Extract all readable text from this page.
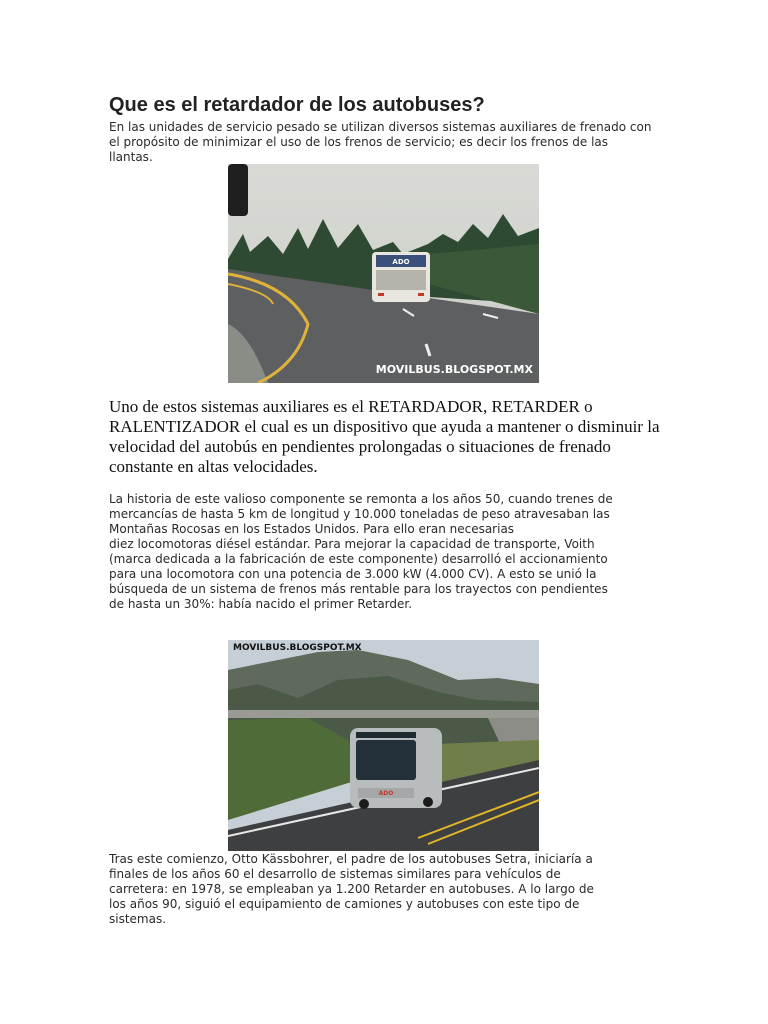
Que es el retardador de los autobuses?

En las unidades de servicio pesado se utilizan diversos sistemas auxiliares de frenado con el propósito de minimizar el uso de los frenos de servicio; es decir los frenos de las llantas.

ADO
MOVILBUS.BLOGSPOT.MX

Uno de estos sistemas auxiliares es el RETARDADOR, RETARDER o RALENTIZADOR el cual es un dispositivo que ayuda a mantener o disminuir la velocidad del autobús en pendientes prolongadas o situaciones de frenado constante en altas velocidades.

La historia de este valioso componente se remonta a los años 50, cuando trenes de
mercancías de hasta 5 km de longitud y 10.000 toneladas de peso atravesaban las
Montañas Rocosas en los Estados Unidos. Para ello eran necesarias
diez locomotoras diésel estándar. Para mejorar la capacidad de transporte, Voith
(marca dedicada a la fabricación de este componente) desarrolló el accionamiento
para una locomotora con una potencia de 3.000 kW (4.000 CV). A esto se unió la
búsqueda de un sistema de frenos más rentable para los trayectos con pendientes
de hasta un 30%: había nacido el primer Retarder.
ADO
MOVILBUS.BLOGSPOT.MX
Tras este comienzo, Otto Kässbohrer, el padre de los autobuses Setra, iniciaría a
finales de los años 60 el desarrollo de sistemas similares para vehículos de
carretera: en 1978, se empleaban ya 1.200 Retarder en autobuses. A lo largo de
los años 90, siguió el equipamiento de camiones y autobuses con este tipo de
sistemas.
